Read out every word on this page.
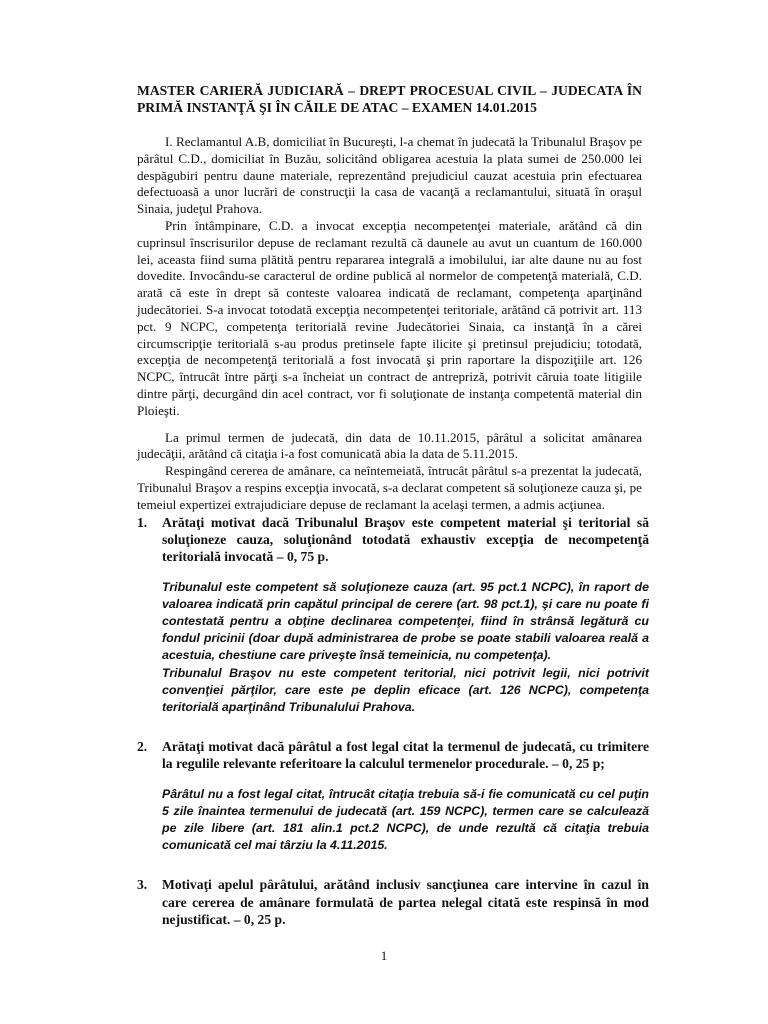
MASTER CARIERĂ JUDICIARĂ – DREPT PROCESUAL CIVIL – JUDECATA ÎN PRIMĂ INSTANŢĂ ŞI ÎN CĂILE DE ATAC – EXAMEN 14.01.2015

I. Reclamantul A.B, domiciliat în Bucureşti, l-a chemat în judecată la Tribunalul Braşov pe pârâtul C.D., domiciliat în Buzău, solicitând obligarea acestuia la plata sumei de 250.000 lei despăgubiri pentru daune materiale, reprezentând prejudiciul cauzat acestuia prin efectuarea defectuoasă a unor lucrări de construcţii la casa de vacanţă a reclamantului, situată în oraşul Sinaia, judeţul Prahova.

Prin întâmpinare, C.D. a invocat excepţia necompetenţei materiale, arătând că din cuprinsul înscrisurilor depuse de reclamant rezultă că daunele au avut un cuantum de 160.000 lei, aceasta fiind suma plătită pentru repararea integrală a imobilului, iar alte daune nu au fost dovedite. Invocându-se caracterul de ordine publică al normelor de competenţă materială, C.D. arată că este în drept să conteste valoarea indicată de reclamant, competenţa aparţinând judecătoriei. S-a invocat totodată excepţia necompetenţei teritoriale, arătând că potrivit art. 113 pct. 9 NCPC, competenţa teritorială revine Judecătoriei Sinaia, ca instanţă în a cărei circumscripţie teritorială s-au produs pretinsele fapte ilicite şi pretinsul prejudiciu; totodată, excepţia de necompetenţă teritorială a fost invocată şi prin raportare la dispoziţiile art. 126 NCPC, întrucât între părţi s-a încheiat un contract de antrepriză, potrivit căruia toate litigiile dintre părţi, decurgând din acel contract, vor fi soluţionate de instanţa competentă material din Ploieşti.

La primul termen de judecată, din data de 10.11.2015, pârâtul a solicitat amânarea judecăţii, arătând că citaţia i-a fost comunicată abia la data de 5.11.2015.

Respingând cererea de amânare, ca neîntemeiată, întrucât pârâtul s-a prezentat la judecată, Tribunalul Braşov a respins excepţia invocată, s-a declarat competent să soluţioneze cauza şi, pe temeiul expertizei extrajudiciare depuse de reclamant la acelaşi termen, a admis acţiunea.

1. Arătaţi motivat dacă Tribunalul Braşov este competent material şi teritorial să soluţioneze cauza, soluţionând totodată exhaustiv excepţia de necompetenţă teritorială invocată – 0, 75 p.

Tribunalul este competent să soluţioneze cauza (art. 95 pct.1 NCPC), în raport de valoarea indicată prin capătul principal de cerere (art. 98 pct.1), şi care nu poate fi contestată pentru a obţine declinarea competenţei, fiind în strânsă legătură cu fondul pricinii (doar după administrarea de probe se poate stabili valoarea reală a acestuia, chestiune care priveşte însă temeinicia, nu competenţa).

Tribunalul Braşov nu este competent teritorial, nici potrivit legii, nici potrivit convenţiei părţilor, care este pe deplin eficace (art. 126 NCPC), competenţa teritorială aparţinând Tribunalului Prahova.

2. Arătaţi motivat dacă pârâtul a fost legal citat la termenul de judecată, cu trimitere la regulile relevante referitoare la calculul termenelor procedurale. – 0, 25 p;

Pârâtul nu a fost legal citat, întrucât citaţia trebuia să-i fie comunicată cu cel puţin 5 zile înaintea termenului de judecată (art. 159 NCPC), termen care se calculează pe zile libere (art. 181 alin.1 pct.2 NCPC), de unde rezultă că citaţia trebuia comunicată cel mai târziu la 4.11.2015.

3. Motivaţi apelul pârâtului, arătând inclusiv sancţiunea care intervine în cazul în care cererea de amânare formulată de partea nelegal citată este respinsă în mod nejustificat. – 0, 25 p.

1
